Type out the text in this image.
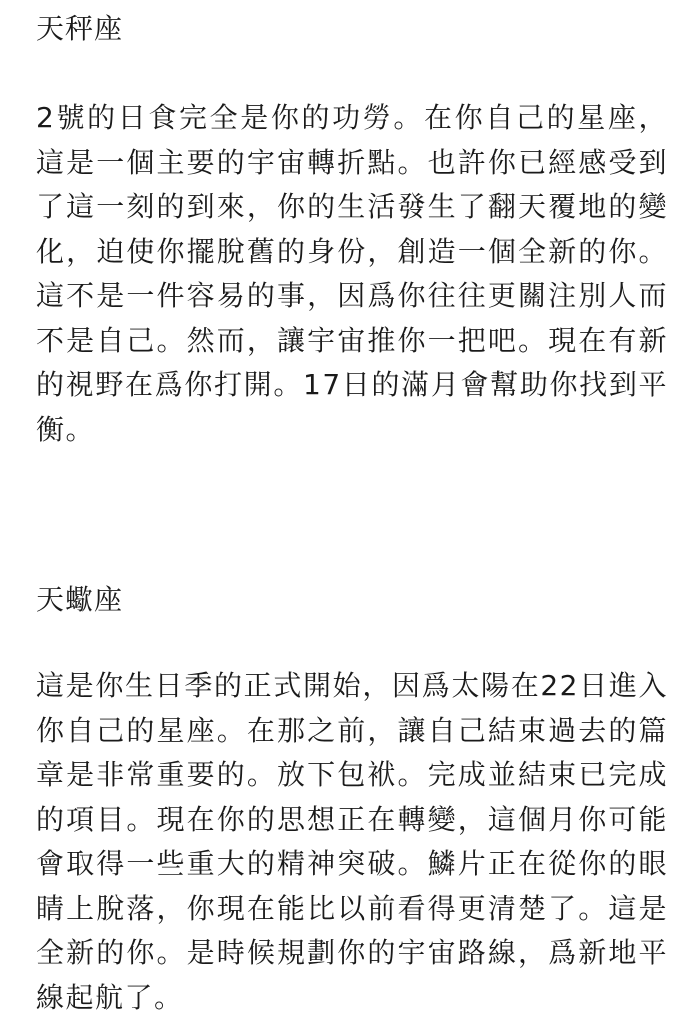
天秤座

2號的日食完全是你的功勞。在你自己的星座，這是一個主要的宇宙轉折點。也許你已經感受到了這一刻的到來，你的生活發生了翻天覆地的變化，迫使你擺脫舊的身份，創造一個全新的你。這不是一件容易的事，因爲你往往更關注別人而不是自己。然而，讓宇宙推你一把吧。現在有新的視野在爲你打開。17日的滿月會幫助你找到平衡。

天蠍座

這是你生日季的正式開始，因爲太陽在22日進入你自己的星座。在那之前，讓自己結束過去的篇章是非常重要的。放下包袱。完成並結束已完成的項目。現在你的思想正在轉變，這個月你可能會取得一些重大的精神突破。鱗片正在從你的眼睛上脫落，你現在能比以前看得更清楚了。這是全新的你。是時候規劃你的宇宙路線，爲新地平線起航了。
